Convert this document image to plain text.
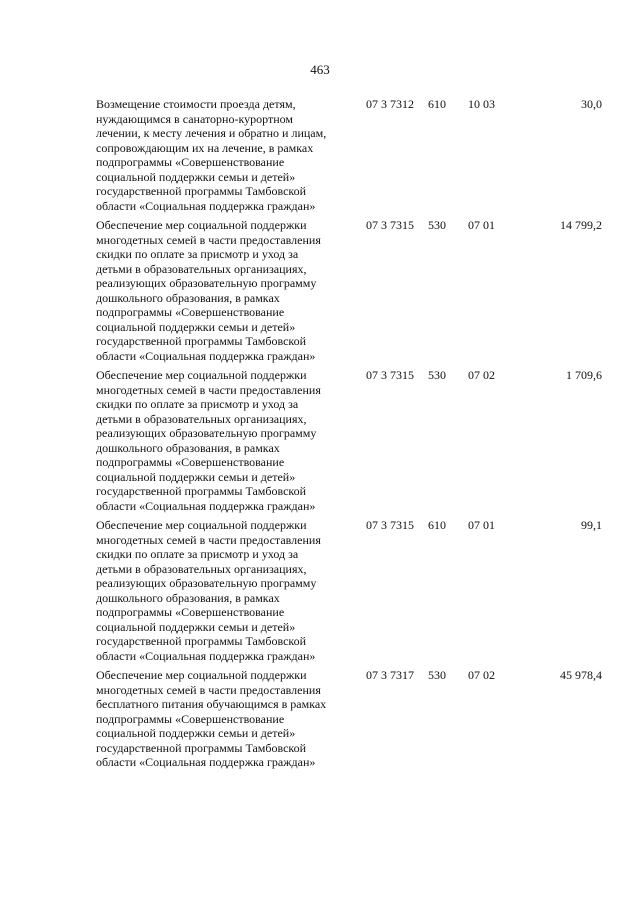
463
Возмещение стоимости проезда детям,
нуждающимся в санаторно-курортном
лечении, к месту лечения и обратно и лицам,
сопровождающим их на лечение, в рамках
подпрограммы «Совершенствование
социальной поддержки семьи и детей»
государственной программы Тамбовской
области «Социальная поддержка граждан»
07 3 7312	610	10 03	30,0
Обеспечение мер социальной поддержки
многодетных семей в части предоставления
скидки по оплате за присмотр и уход за
детьми в образовательных организациях,
реализующих образовательную программу
дошкольного образования, в рамках
подпрограммы «Совершенствование
социальной поддержки семьи и детей»
государственной программы Тамбовской
области «Социальная поддержка граждан»
07 3 7315	530	07 01	14 799,2
Обеспечение мер социальной поддержки
многодетных семей в части предоставления
скидки по оплате за присмотр и уход за
детьми в образовательных организациях,
реализующих образовательную программу
дошкольного образования, в рамках
подпрограммы «Совершенствование
социальной поддержки семьи и детей»
государственной программы Тамбовской
области «Социальная поддержка граждан»
07 3 7315	530	07 02	1 709,6
Обеспечение мер социальной поддержки
многодетных семей в части предоставления
скидки по оплате за присмотр и уход за
детьми в образовательных организациях,
реализующих образовательную программу
дошкольного образования, в рамках
подпрограммы «Совершенствование
социальной поддержки семьи и детей»
государственной программы Тамбовской
области «Социальная поддержка граждан»
07 3 7315	610	07 01	99,1
Обеспечение мер социальной поддержки
многодетных семей в части предоставления
бесплатного питания обучающимся в рамках
подпрограммы «Совершенствование
социальной поддержки семьи и детей»
государственной программы Тамбовской
области «Социальная поддержка граждан»
07 3 7317	530	07 02	45 978,4
